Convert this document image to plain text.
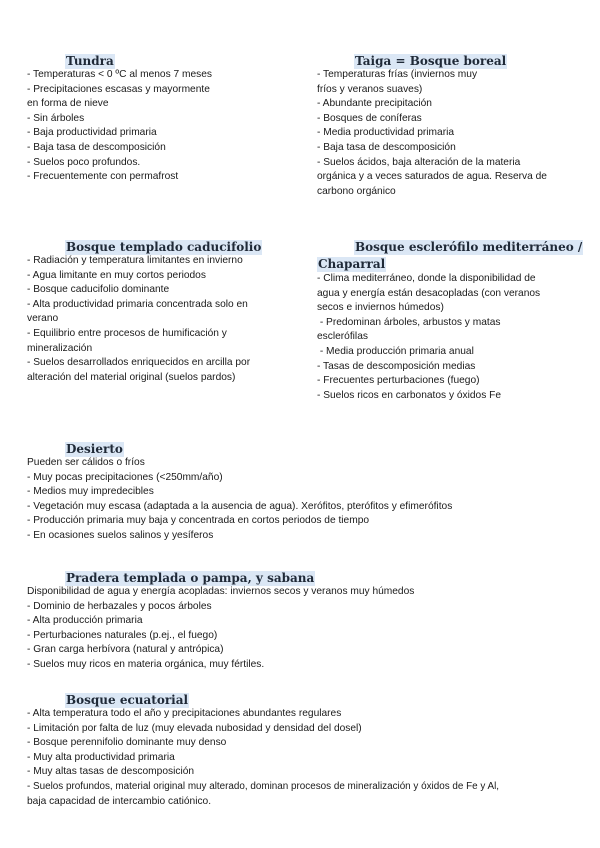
Tundra
- Temperaturas < 0 ºC al menos 7 meses
- Precipitaciones escasas y mayormente
en forma de nieve
- Sin árboles
- Baja productividad primaria
- Baja tasa de descomposición
- Suelos poco profundos.
- Frecuentemente con permafrost
Taiga = Bosque boreal
- Temperaturas frías (inviernos muy
fríos y veranos suaves)
- Abundante precipitación
- Bosques de coníferas
- Media productividad primaria
- Baja tasa de descomposición
- Suelos ácidos, baja alteración de la materia
orgánica y a veces saturados de agua. Reserva de
carbono orgánico
Bosque templado caducifolio
- Radiación y temperatura limitantes en invierno
- Agua limitante en muy cortos periodos
- Bosque caducifolio dominante
- Alta productividad primaria concentrada solo en
verano
- Equilibrio entre procesos de humificación y
mineralización
- Suelos desarrollados enriquecidos en arcilla por
alteración del material original (suelos pardos)
Bosque esclerófilo mediterráneo /
Chaparral
- Clima mediterráneo, donde la disponibilidad de
agua y energía están desacopladas (con veranos
secos e inviernos húmedos)
- Predominan árboles, arbustos y matas
esclerófilas
- Media producción primaria anual
- Tasas de descomposición medias
- Frecuentes perturbaciones (fuego)
- Suelos ricos en carbonatos y óxidos Fe
Desierto
Pueden ser cálidos o fríos
- Muy pocas precipitaciones (<250mm/año)
- Medios muy impredecibles
- Vegetación muy escasa (adaptada a la ausencia de agua). Xerófitos, pterófitos y efimerófitos
- Producción primaria muy baja y concentrada en cortos periodos de tiempo
- En ocasiones suelos salinos y yesíferos
Pradera templada o pampa, y sabana
Disponibilidad de agua y energía acopladas: inviernos secos y veranos muy húmedos
- Dominio de herbazales y pocos árboles
- Alta producción primaria
- Perturbaciones naturales (p.ej., el fuego)
- Gran carga herbívora (natural y antrópica)
- Suelos muy ricos en materia orgánica, muy fértiles.
Bosque ecuatorial
- Alta temperatura todo el año y precipitaciones abundantes regulares
- Limitación por falta de luz (muy elevada nubosidad y densidad del dosel)
- Bosque perennifolio dominante muy denso
- Muy alta productividad primaria
- Muy altas tasas de descomposición
- Suelos profundos, material original muy alterado, dominan procesos de mineralización y óxidos de Fe y Al,
baja capacidad de intercambio catiónico.
